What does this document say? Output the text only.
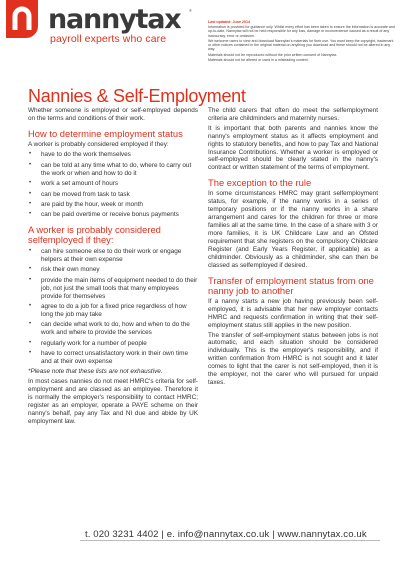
nannytax ®
payroll experts who care
Last updated: June 2014

Information is provided for guidance only. Whilst every effort has been taken to ensure the information is accurate and up-to-date, Nannytax will not be held responsible for any loss, damage or inconvenience caused as a result of any inaccuracy, error or omission.

We welcome users to view and download Nannytax's materials for their use. You must keep the copyright, trademark or other notices contained in the original material on anything you download and these should not be altered in any way.

Materials should not be reproduced without the prior written consent of Nannytax.

Materials should not be altered or used in a misleading context.

Nannies & Self-Employment

Whether someone is employed or self-employed depends on the terms and conditions of their work.

How to determine employment status

A worker is probably considered employed if they:

• have to do the work themselves
• can be told at any time what to do, where to carry out the work or when and how to do it
• work a set amount of hours
• can be moved from task to task
• are paid by the hour, week or month
• can be paid overtime or receive bonus payments
A worker is probably considered selfemployed if they:
• can hire someone else to do their work or engage helpers at their own expense
• risk their own money
• provide the main items of equipment needed to do their job, not just the small tools that many employees provide for themselves
• agree to do a job for a fixed price regardless of how long the job may take
• can decide what work to do, how and when to do the work and where to provide the services
• regularly work for a number of people
• have to correct unsatisfactory work in their own time and at their own expense

*Please note that these lists are not exhaustive.

In most cases nannies do not meet HMRC's criteria for self-employment and are classed as an employee. Therefore it is normally the employer's responsibility to contact HMRC; register as an employer, operate a PAYE scheme on their nanny's behalf, pay any Tax and NI due and abide by UK employment law.

The child carers that often do meet the selfemployment criteria are childminders and maternity nurses.

It is important that both parents and nannies know the nanny's employment status as it affects employment and rights to statutory benefits, and how to pay Tax and National Insurance Contributions. Whether a worker is employed or self-employed should be clearly stated in the nanny's contract or written statement of the terms of employment.

The exception to the rule

In some circumstances HMRC may grant selfemployment status, for example, if the nanny works in a series of temporary positions or if the nanny works in a share arrangement and cares for the children for three or more families all at the same time. In the case of a share with 3 or more families, it is UK Childcare Law and an Ofsted requirement that she registers on the compulsory Childcare Register (and Early Years Register, if applicable) as a childminder. Obviously as a childminder, she can then be classed as selfemployed if desired.

Transfer of employment status from one nanny job to another

If a nanny starts a new job having previously been self-employed, it is advisable that her new employer contacts HMRC and requests confirmation in writing that their self-employment status still applies in the new position.

The transfer of self-employment status between jobs is not automatic, and each situation should be considered individually. This is the employer's responsibility, and if written confirmation from HMRC is not sought and it later comes to light that the carer is not self-employed, then it is the employer, not the carer who will pursued for unpaid taxes.

t. 020 3231 4402 | e. info@nannytax.co.uk | www.nannytax.co.uk
